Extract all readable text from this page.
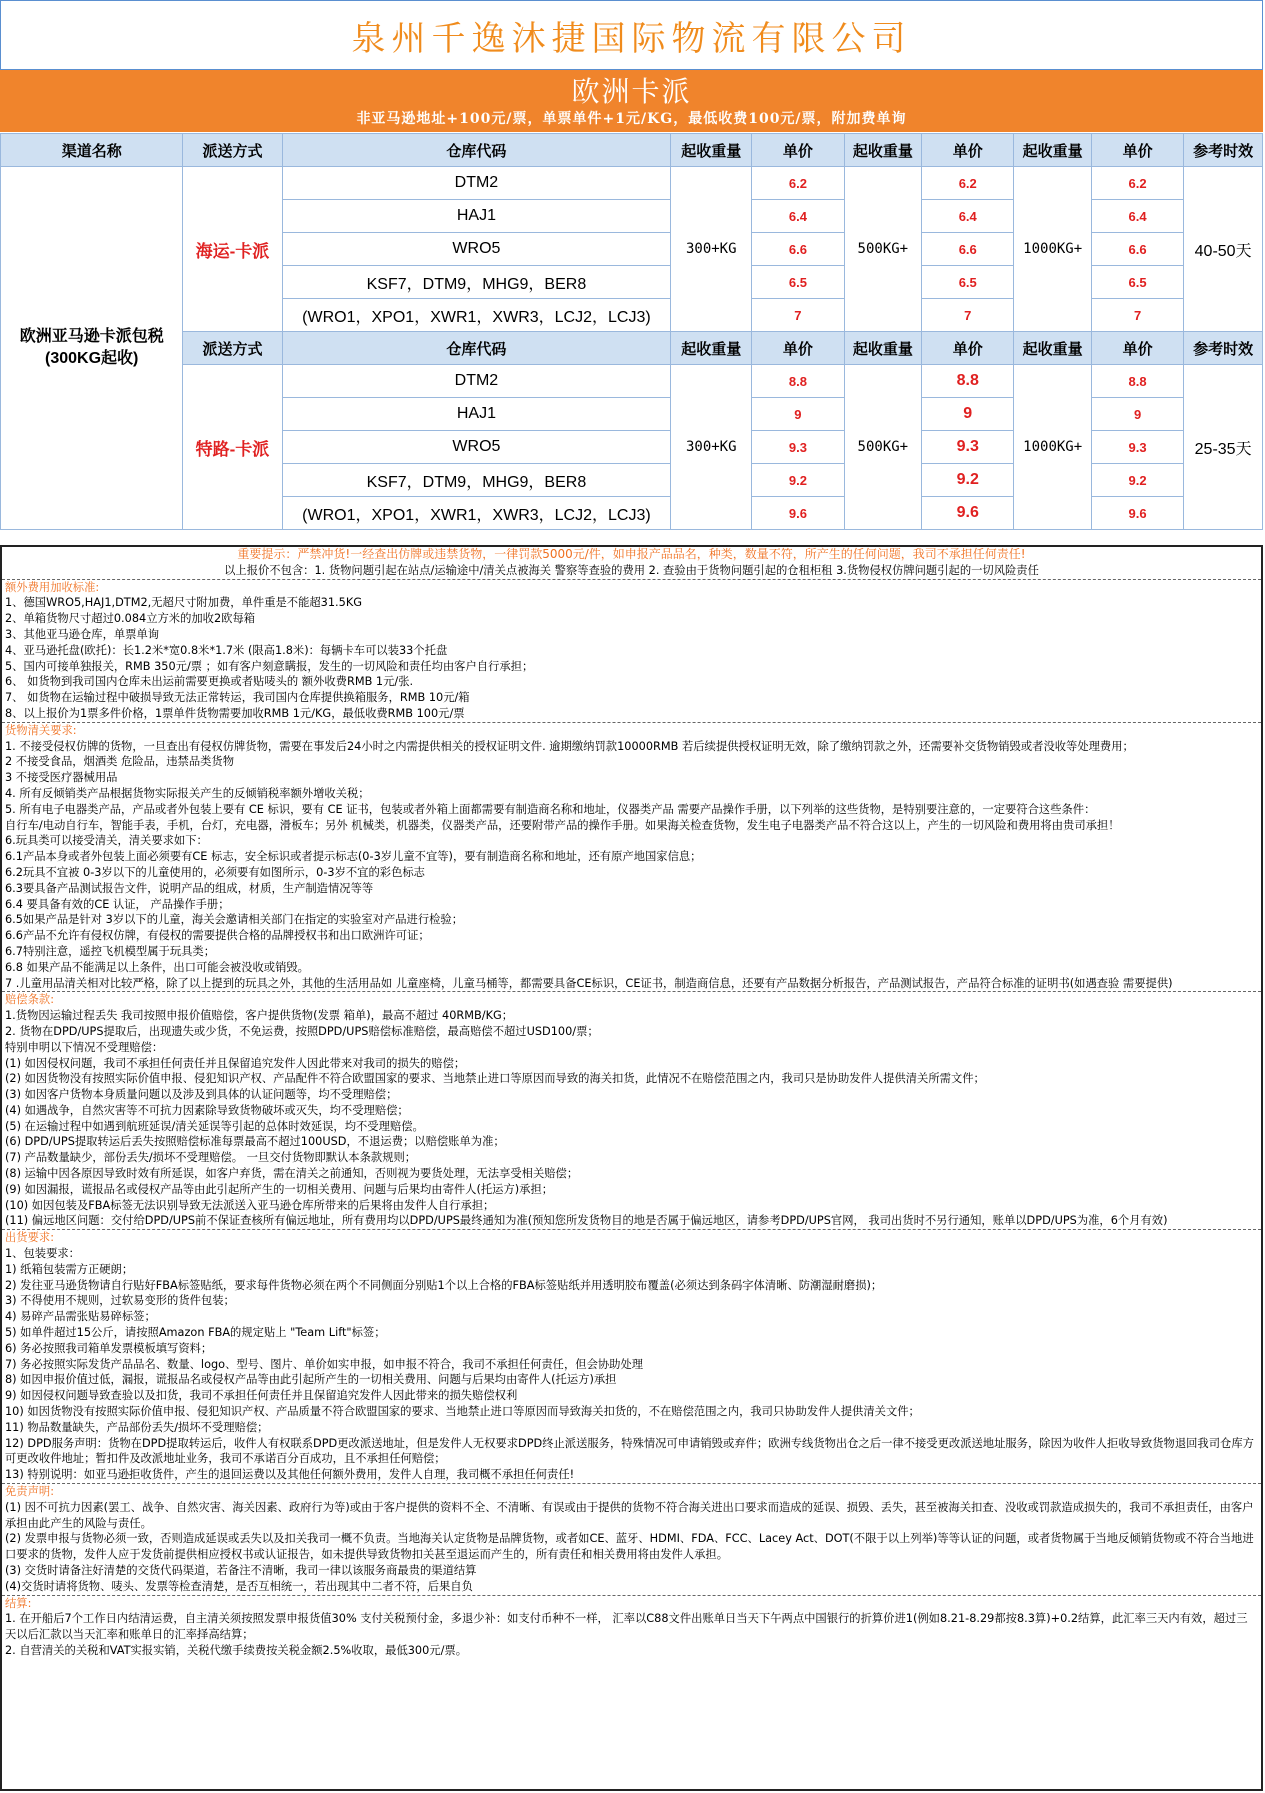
泉州千逸沐捷国际物流有限公司
欧洲卡派
非亚马逊地址+100元/票，单票单件+1元/KG，最低收费100元/票，附加费单询
渠道名称	派送方式	仓库代码	起收重量	单价	起收重量	单价	起收重量	单价	参考时效
欧洲亚马逊卡派包税
(300KG起收)	海运-卡派	DTM2	300+KG	6.2	500KG+	6.2	1000KG+	6.2	40-50天
		HAJ1		6.4		6.4		6.4	
		WRO5		6.6		6.6		6.6	
		KSF7，DTM9，MHG9，BER8		6.5		6.5		6.5	
		(WRO1，XPO1，XWR1，XWR3，LCJ2，LCJ3)		7		7		7	
	派送方式	仓库代码	起收重量	单价	起收重量	单价	起收重量	单价	参考时效
	特路-卡派	DTM2	300+KG	8.8	500KG+	8.8	1000KG+	8.8	25-35天
		HAJ1		9		9		9	
		WRO5		9.3		9.3		9.3	
		KSF7，DTM9，MHG9，BER8		9.2		9.2		9.2	
		(WRO1，XPO1，XWR1，XWR3，LCJ2，LCJ3)		9.6		9.6		9.6	

重要提示：严禁冲货!一经查出仿牌或违禁货物，一律罚款5000元/件，如申报产品品名，种类，数量不符，所产生的任何问题，我司不承担任何责任!

以上报价不包含：1. 货物问题引起在站点/运输途中/清关点被海关 警察等查验的费用 2. 查验由于货物问题引起的仓租柜租 3.货物侵权仿牌问题引起的一切风险责任

额外费用加收标准:

1、德国WRO5,HAJ1,DTM2,无超尺寸附加费，单件重是不能超31.5KG

2、单箱货物尺寸超过0.084立方米的加收2欧每箱

3、其他亚马逊仓库，单票单询

4、亚马逊托盘(欧托)：长1.2米*宽0.8米*1.7米 (限高1.8米)：每辆卡车可以装33个托盘

5、国内可接单独报关，RMB 350元/票 ；如有客户刻意瞒报，发生的一切风险和责任均由客户自行承担；

6、 如货物到我司国内仓库未出运前需要更换或者贴唛头的 额外收费RMB 1元/张.

7、 如货物在运输过程中破损导致无法正常转运，我司国内仓库提供换箱服务，RMB 10元/箱

8、以上报价为1票多件价格，1票单件货物需要加收RMB 1元/KG，最低收费RMB 100元/票

货物清关要求:

1. 不接受侵权仿牌的货物，一旦查出有侵权仿牌货物，需要在事发后24小时之内需提供相关的授权证明文件. 逾期缴纳罚款10000RMB 若后续提供授权证明无效，除了缴纳罚款之外，还需要补交货物销毁或者没收等处理费用；

2 不接受食品，烟酒类 危险品，违禁品类货物

3 不接受医疗器械用品

4. 所有反倾销类产品根据货物实际报关产生的反倾销税率额外增收关税；

5. 所有电子电器类产品，产品或者外包装上要有 CE 标识，要有 CE 证书，包装或者外箱上面都需要有制造商名称和地址，仪器类产品 需要产品操作手册，以下列举的这些货物，是特别要注意的，一定要符合这些条件：

自行车/电动自行车，智能手表，手机，台灯，充电器，滑板车；另外 机械类，机器类，仪器类产品，还要附带产品的操作手册。如果海关检查货物，发生电子电器类产品不符合这以上，产生的一切风险和费用将由贵司承担！

6.玩具类可以接受清关，清关要求如下：

6.1产品本身或者外包装上面必须要有CE 标志，安全标识或者提示标志(0-3岁儿童不宜等)，要有制造商名称和地址，还有原产地国家信息；

6.2玩具不宜被 0-3岁以下的儿童使用的，必须要有如图所示，0-3岁不宜的彩色标志

6.3要具备产品测试报告文件，说明产品的组成，材质，生产制造情况等等

6.4 要具备有效的CE 认证， 产品操作手册；

6.5如果产品是针对 3岁以下的儿童，海关会邀请相关部门在指定的实验室对产品进行检验；

6.6产品不允许有侵权仿牌，有侵权的需要提供合格的品牌授权书和出口欧洲许可证；

6.7特别注意，遥控飞机模型属于玩具类；

6.8 如果产品不能满足以上条件，出口可能会被没收或销毁。

7 .儿童用品清关相对比较严格，除了以上提到的玩具之外，其他的生活用品如 儿童座椅，儿童马桶等，都需要具备CE标识，CE证书，制造商信息，还要有产品数据分析报告，产品测试报告，产品符合标准的证明书(如遇查验 需要提供)

赔偿条款:

1.货物因运输过程丢失 我司按照申报价值赔偿，客户提供货物(发票 箱单)，最高不超过 40RMB/KG；

2. 货物在DPD/UPS提取后，出现遗失或少货，不免运费，按照DPD/UPS赔偿标准赔偿，最高赔偿不超过USD100/票；

特别申明以下情况不受理赔偿：

(1) 如因侵权问题，我司不承担任何责任并且保留追究发件人因此带来对我司的损失的赔偿；

(2) 如因货物没有按照实际价值申报、侵犯知识产权、产品配件不符合欧盟国家的要求、当地禁止进口等原因而导致的海关扣货，此情况不在赔偿范围之内，我司只是协助发件人提供清关所需文件；

(3) 如因客户货物本身质量问题以及涉及到具体的认证问题等，均不受理赔偿；

(4) 如遇战争，自然灾害等不可抗力因素除导致货物破坏或灭失，均不受理赔偿；

(5) 在运输过程中如遇到航班延误/清关延误等引起的总体时效延误，均不受理赔偿。

(6) DPD/UPS提取转运后丢失按照赔偿标准每票最高不超过100USD，不退运费；以赔偿账单为准；

(7) 产品数量缺少，部份丢失/损坏不受理赔偿。 一旦交付货物即默认本条款规则；

(8) 运输中因各原因导致时效有所延误，如客户弃货，需在清关之前通知，否则视为要货处理，无法享受相关赔偿；

(9) 如因漏报，谎报品名或侵权产品等由此引起所产生的一切相关费用、问题与后果均由寄件人(托运方)承担；

(10) 如因包装及FBA标签无法识别导致无法派送入亚马逊仓库所带来的后果将由发件人自行承担；

(11) 偏远地区问题：交付给DPD/UPS前不保证查核所有偏远地址，所有费用均以DPD/UPS最终通知为准(预知您所发货物目的地是否属于偏远地区，请参考DPD/UPS官网， 我司出货时不另行通知，账单以DPD/UPS为准，6个月有效)

出货要求:

1、包装要求：

1) 纸箱包装需方正硬朗；

2) 发往亚马逊货物请自行贴好FBA标签贴纸，要求每件货物必须在两个不同侧面分别贴1个以上合格的FBA标签贴纸并用透明胶布覆盖(必须达到条码字体清晰、防潮湿耐磨损)；

3) 不得使用不规则，过软易变形的货件包装；

4) 易碎产品需张贴易碎标签；

5) 如单件超过15公斤，请按照Amazon FBA的规定贴上 "Team Lift"标签；

6) 务必按照我司箱单发票模板填写资料；

7) 务必按照实际发货产品品名、数量、logo、型号、图片、单价如实申报，如申报不符合，我司不承担任何责任，但会协助处理

8) 如因申报价值过低，漏报，谎报品名或侵权产品等由此引起所产生的一切相关费用、问题与后果均由寄件人(托运方)承担

9) 如因侵权问题导致查验以及扣货，我司不承担任何责任并且保留追究发件人因此带来的损失赔偿权利

10) 如因货物没有按照实际价值申报、侵犯知识产权、产品质量不符合欧盟国家的要求、当地禁止进口等原因而导致海关扣货的，不在赔偿范围之内，我司只协助发件人提供清关文件；

11) 物品数量缺失，产品部份丢失/损坏不受理赔偿；

12) DPD服务声明：货物在DPD提取转运后，收件人有权联系DPD更改派送地址，但是发件人无权要求DPD终止派送服务，特殊情况可申请销毁或弃件；欧洲专线货物出仓之后一律不接受更改派送地址服务，除因为收件人拒收导致货物退回我司仓库方可更改收件地址；暂扣件及改派地址业务，我司不承诺百分百成功，且不承担任何赔偿；

13) 特别说明：如亚马逊拒收货件，产生的退回运费以及其他任何额外费用，发件人自理，我司概不承担任何责任!

免责声明:

(1) 因不可抗力因素(罢工、战争、自然灾害、海关因素、政府行为等)或由于客户提供的资料不全、不清晰、有误或由于提供的货物不符合海关进出口要求而造成的延误、损毁、丢失，甚至被海关扣查、没收或罚款造成损失的，我司不承担责任，由客户承担由此产生的风险与责任。

(2) 发票申报与货物必须一致，否则造成延误或丢失以及扣关我司一概不负责。当地海关认定货物是品牌货物，或者如CE、蓝牙、HDMI、FDA、FCC、Lacey Act、DOT(不限于以上列举)等等认证的问题，或者货物属于当地反倾销货物或不符合当地进口要求的货物，发件人应于发货前提供相应授权书或认证报告，如未提供导致货物扣关甚至退运而产生的，所有责任和相关费用将由发件人承担。

(3) 交货时请备注好清楚的交货代码渠道，若备注不清晰，我司一律以该服务商最贵的渠道结算

(4)交货时请将货物、唛头、发票等检查清楚，是否互相统一，若出现其中二者不符，后果自负

结算:

1. 在开船后7个工作日内结清运费，自主清关须按照发票申报货值30% 支付关税预付金，多退少补：如支付币种不一样， 汇率以C88文件出账单日当天下午两点中国银行的折算价进1(例如8.21-8.29都按8.3算)+0.2结算，此汇率三天内有效，超过三天以后汇款以当天汇率和账单日的汇率择高结算；

2. 自营清关的关税和VAT实报实销，关税代缴手续费按关税金额2.5%收取，最低300元/票。
